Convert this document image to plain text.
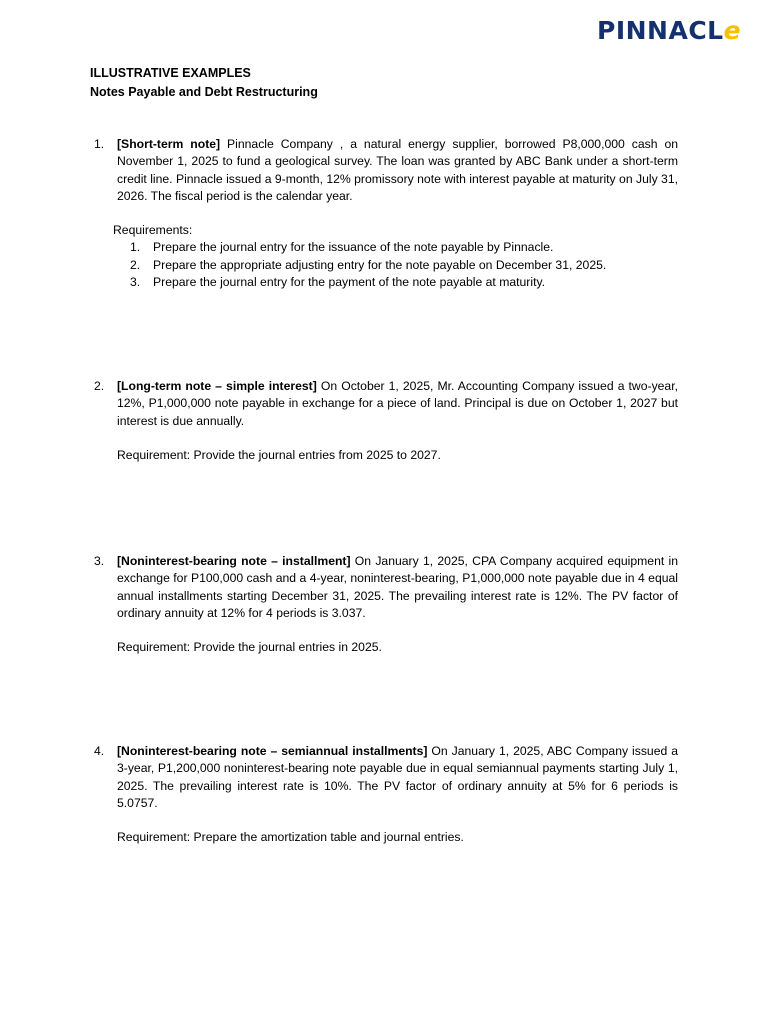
PINNACLe
ILLUSTRATIVE EXAMPLES
Notes Payable and Debt Restructuring
1. [Short-term note] Pinnacle Company , a natural energy supplier, borrowed P8,000,000 cash on November 1, 2025 to fund a geological survey. The loan was granted by ABC Bank under a short-term credit line. Pinnacle issued a 9-month, 12% promissory note with interest payable at maturity on July 31, 2026. The fiscal period is the calendar year.
Requirements:
1. Prepare the journal entry for the issuance of the note payable by Pinnacle.
2. Prepare the appropriate adjusting entry for the note payable on December 31, 2025.
3. Prepare the journal entry for the payment of the note payable at maturity.
2. [Long-term note – simple interest] On October 1, 2025, Mr. Accounting Company issued a two-year, 12%, P1,000,000 note payable in exchange for a piece of land. Principal is due on October 1, 2027 but interest is due annually.
Requirement: Provide the journal entries from 2025 to 2027.
3. [Noninterest-bearing note – installment] On January 1, 2025, CPA Company acquired equipment in exchange for P100,000 cash and a 4-year, noninterest-bearing, P1,000,000 note payable due in 4 equal annual installments starting December 31, 2025. The prevailing interest rate is 12%. The PV factor of ordinary annuity at 12% for 4 periods is 3.037.
Requirement: Provide the journal entries in 2025.
4. [Noninterest-bearing note – semiannual installments] On January 1, 2025, ABC Company issued a 3-year, P1,200,000 noninterest-bearing note payable due in equal semiannual payments starting July 1, 2025. The prevailing interest rate is 10%. The PV factor of ordinary annuity at 5% for 6 periods is 5.0757.
Requirement: Prepare the amortization table and journal entries.
